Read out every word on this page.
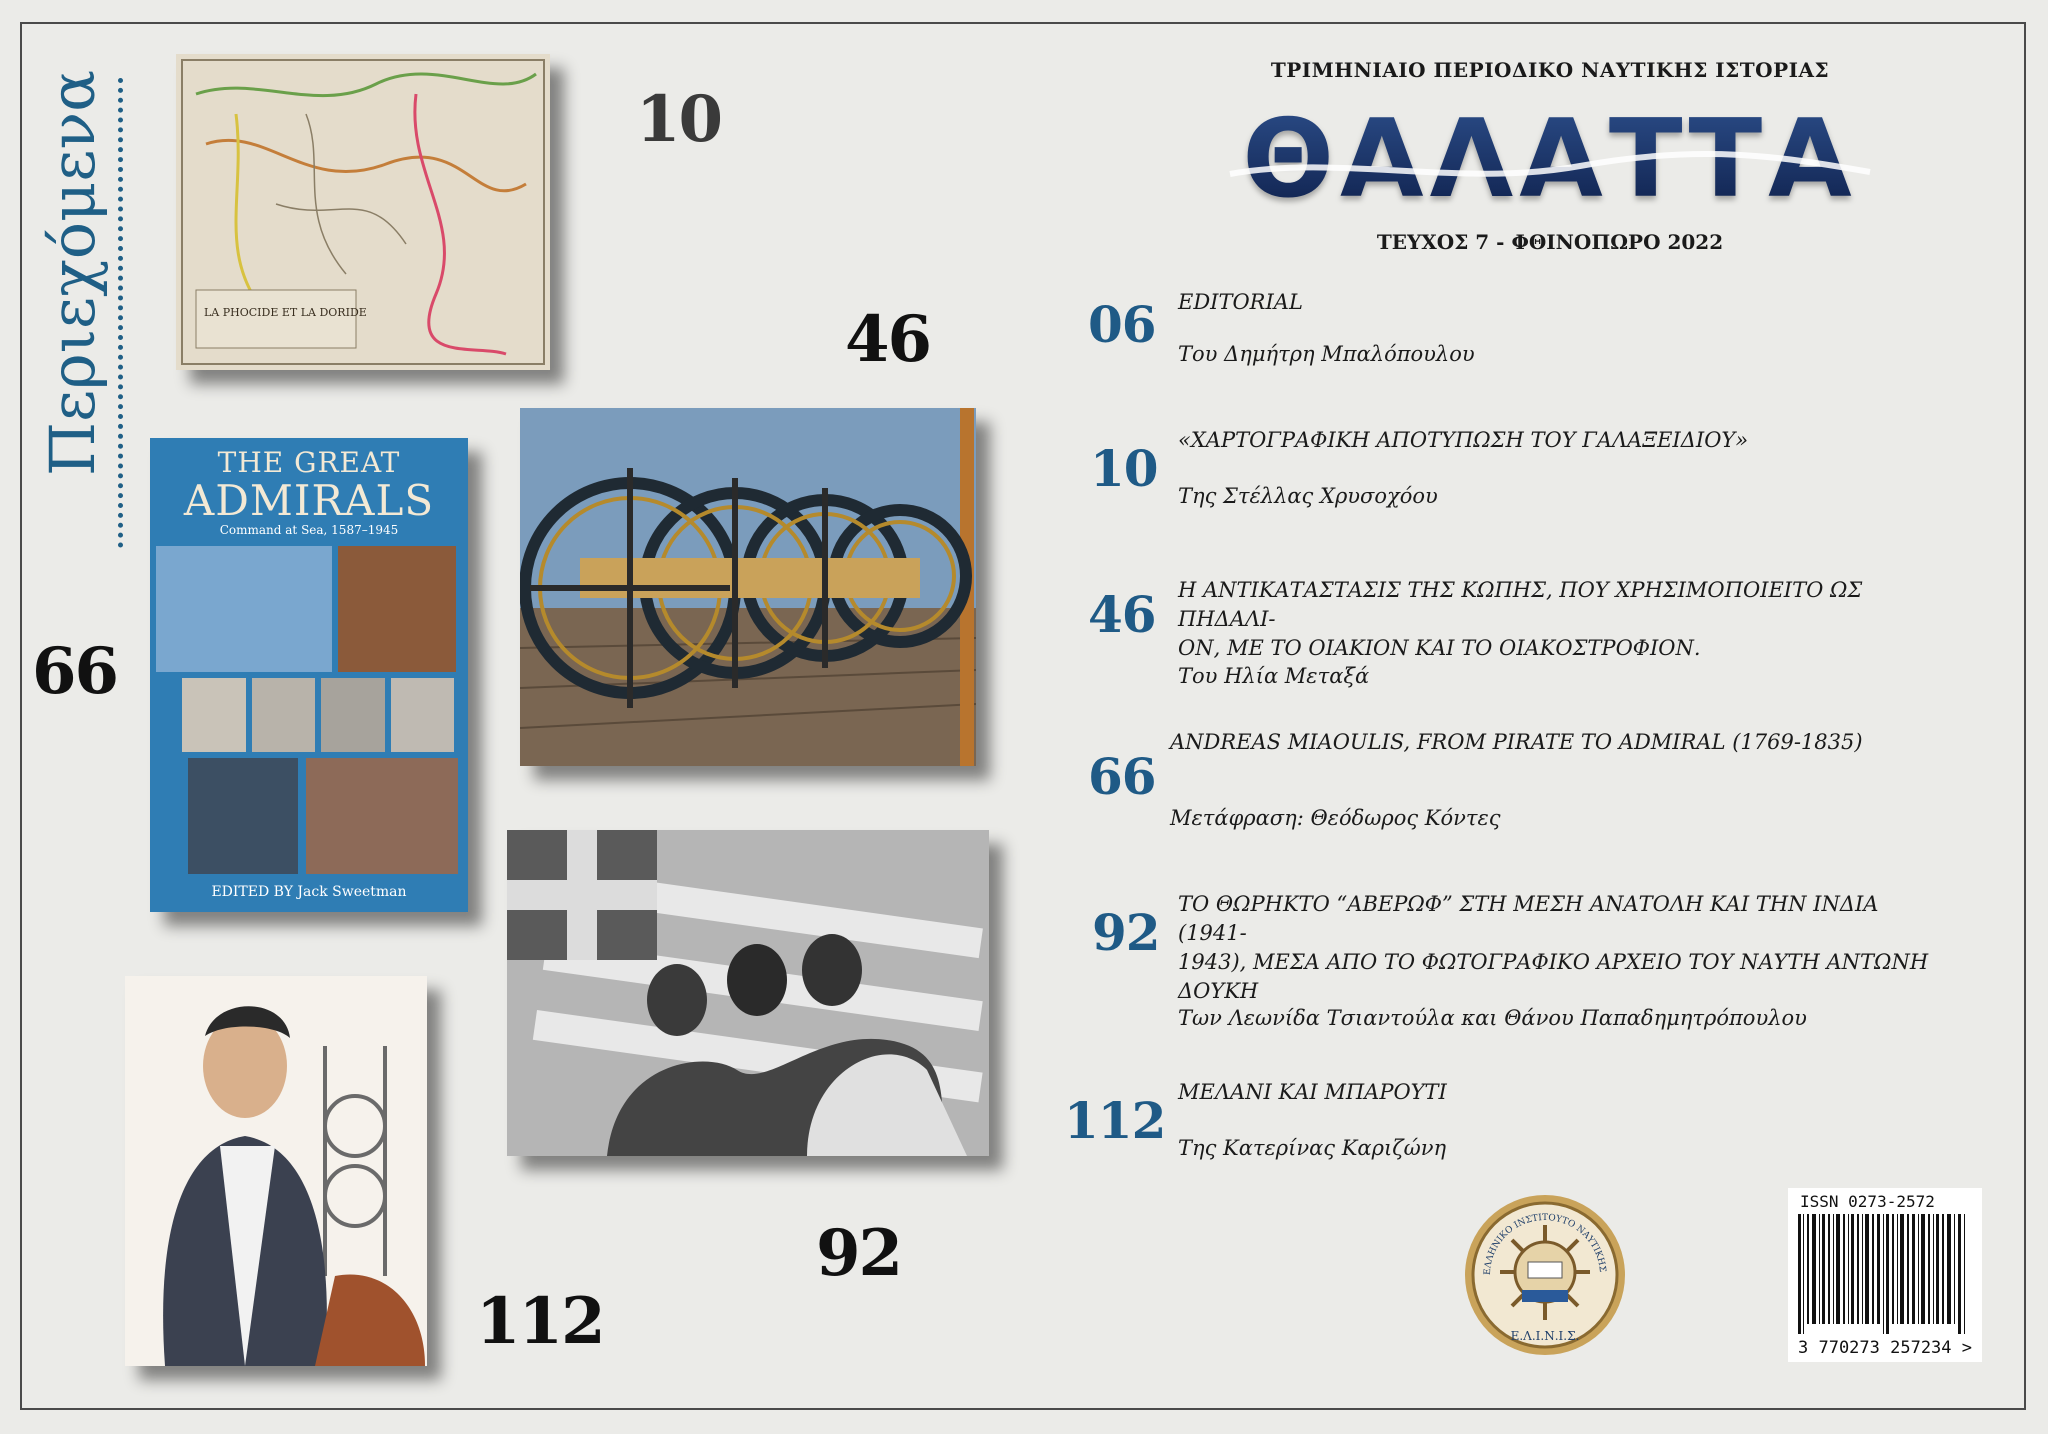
Περιεχόμενα	10
46
66
92
112
LA PHOCIDE ET LA DORIDE
THE GREAT
ADMIRALS
Command at Sea, 1587–1945
EDITED BY Jack Sweetman
ΤΡΙΜΗΝΙΑΙΟ ΠΕΡΙΟΔΙΚΟ ΝΑΥΤΙΚΗΣ ΙΣΤΟΡΙΑΣ
ΘΑΛΑΤΤΑ
ΤΕΥΧΟΣ 7 - ΦΘΙΝΟΠΩΡΟ 2022
06 EDITORIAL
Του Δημήτρη Μπαλόπουλου
10 «ΧΑΡΤΟΓΡΑΦΙΚΗ ΑΠΟΤΥΠΩΣΗ ΤΟΥ ΓΑΛΑΞΕΙΔΙΟΥ»
Της Στέλλας Χρυσοχόου
46 Η ΑΝΤΙΚΑΤΑΣΤΑΣΙΣ ΤΗΣ ΚΩΠΗΣ, ΠΟΥ ΧΡΗΣΙΜΟΠΟΙΕΙΤΟ ΩΣ ΠΗΔΑΛΙ-
ΟΝ, ΜΕ ΤΟ ΟΙΑΚΙΟΝ ΚΑΙ ΤΟ ΟΙΑΚΟΣΤΡΟΦΙΟΝ.
Του Ηλία Μεταξά
66
ANDREAS MIAOULIS, FROM PIRATE TO ADMIRAL (1769-1835)
Μετάφραση: Θεόδωρος Κόντες
92 ΤΟ ΘΩΡΗΚΤΟ “ΑΒΕΡΩΦ” ΣΤΗ ΜΕΣΗ ΑΝΑΤΟΛΗ ΚΑΙ ΤΗΝ ΙΝΔΙΑ (1941-
1943), ΜΕΣΑ ΑΠΟ ΤΟ ΦΩΤΟΓΡΑΦΙΚΟ ΑΡΧΕΙΟ ΤΟΥ ΝΑΥΤΗ ΑΝΤΩΝΗ
ΔΟΥΚΗ
Των Λεωνίδα Τσιαντούλα και Θάνου Παπαδημητρόπουλου
112 ΜΕΛΑΝΙ ΚΑΙ ΜΠΑΡΟΥΤΙ
Της Κατερίνας Καριζώνη
ΕΛΛΗΝΙΚΟ ΙΝΣΤΙΤΟΥΤΟ ΝΑΥΤΙΚΗΣ
Ε.Λ.Ι.Ν.Ι.Σ.
ISSN 0273-2572
3 770273 257234 >
